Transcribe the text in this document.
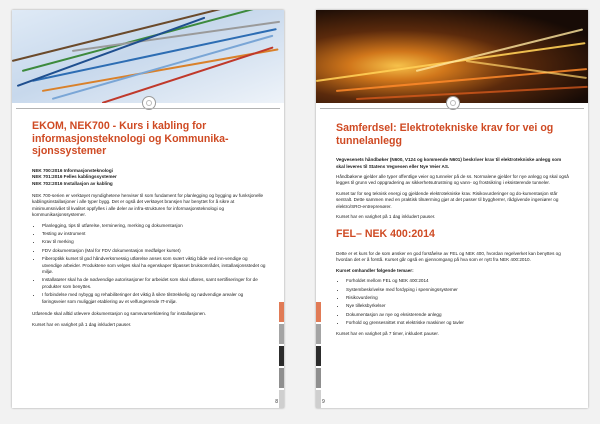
EKOM, NEK700 - Kurs i kabling for informasjonsteknologi og Kommunika-sjonssystemer
NEK 700:2016 Informasjonsteknologi
NEK 701:2016 Felles kablingssystemer
NEK 702:2016 Installasjon av kabling

NEK 700-serien er verktøyet myndighetene henviser til som fundament for planlegging og bygging av funksjonelle kablingsinstallasjoner i alle typer bygg. Det er også det verktøyet bransjen har benyttet for å sikre at minimumsnivået til kvalitet oppfylles i alle deler av infra-strukturen for informasjonsteknologi og kommunikasjonssystemer.

• Planlegging, tips til utførelse, terminering, merking og dokumentasjon
• Testing av instrument
• Krav til merking
• FDV dokumentasjon (Mal for FDV dokumentasjon medfølger kurset)
• Fiberoptikk kurset til god håndverksmessig utførelse anses som svært viktig både ved inn-vendige og utvendige arbeider. Produktene som velges skal ha egenskaper tilpasset bruksområdet, installasjonsstedet og miljø.
• Installatører skal ha de nødvendige autorisasjoner for arbeidet som skal utføres, samt sertifiseringer for de produkter som benyttes.
• I forbindelse med nybygg og rehabiliteringer det viktig å sikre tilstrekkelig og nødvendige arealer og føringsveier som muliggjør etablering av et velfungerende IT-miljø.

Utførende skal alltid utlevere dokumentasjon og samsvarserklæring for installasjonen.

Kurset har en varighet på 1 dag inkludert pauser.

8
Samferdsel: Elektrotekniske krav for vei og tunnelanlegg

Vegvesenets håndbøker (N600, V124 og kommende N601) beskriver krav til elektrotekniske anlegg som skal leveres til Statens Vegvesen eller Nye Veier AS.

Håndbøkene gjelder alle typer offentlige veier og tunneler på de ss. Normalene gjelder for nye anlegg og skal også legges til grunn ved oppgradering av sikkerhetsutrustning og vann- og frostsikring i eksisterende tunneler.

Kurset tar for seg teknisk energi og gjeldende elektrotekniske krav. Risikovurderinger og do-kumentasjon står sentralt. Dette sammen med en praktisk tilnærming gjør at det passer til byggherrer, rådgivende ingeniører og elektro/SRO-entreprenører.

Kurset har en varighet på 1 dag inkludert pauser.

FEL– NEK 400:2014

Dette er et kurs for de som ønsker en god forståelse av FEL og NEK 400, hvordan regelverket kan benyttes og hvordan det er å forstå. Kurset går også en gjennomgang på hva som er nytt fra NEK 400:2010.

Kurset omhandler følgende temaer:

• Forholdet mellom FEL og NEK 400:2014
• Systembeskrivelse med fordyping i spenningssystemer
• Risikovurdering
• Nye tilleksbyrkelser
• Dokumentasjon av nye og eksisterende anlegg
• Forhold og grensesnittet mot elektriske maskiner og tavler

Kurset har en varighet på 7 timer, inkludert pauser.

9
